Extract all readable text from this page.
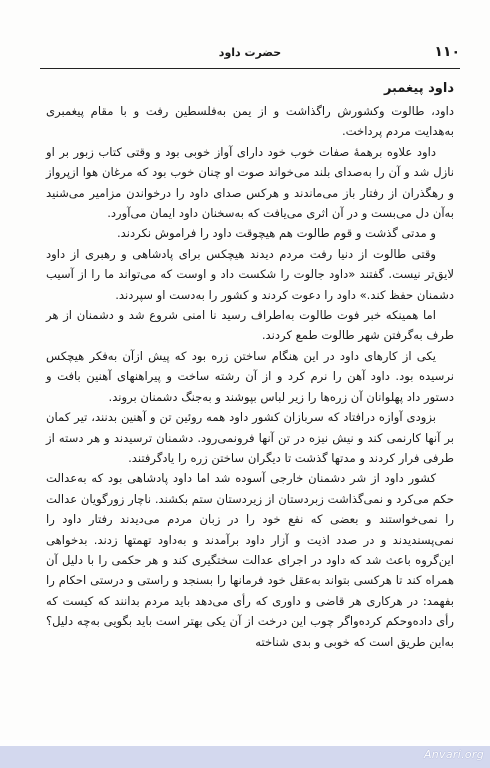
۱۱۰
حضرت داود
داود پیغمبر

داود، طالوت وکشورش راگذاشت و از یمن به‌فلسطین رفت و با مقام پیغمبری به‌هدایت مردم پرداخت.

داود علاوه برهمهٔ صفات خوب خود دارای آواز خوبی بود و وقتی کتاب زبور بر او نازل شد و آن را به‌صدای بلند می‌خواند صوت او چنان خوب بود که مرغان هوا ازپرواز و رهگذران از رفتار باز می‌ماندند و هرکس صدای داود را درخواندن مزامیر می‌شنید به‌آن دل می‌بست و در آن اثری می‌یافت که به‌سخنان داود ایمان می‌آورد.

و مدتی گذشت و قوم طالوت هم هیچوقت داود را فراموش نکردند.

وقتی طالوت از دنیا رفت مردم دیدند هیچکس برای پادشاهی و رهبری از داود لایق‌تر نیست. گفتند «داود جالوت را شکست داد و اوست که می‌تواند ما را از آسیب دشمنان حفظ کند.» داود را دعوت کردند و کشور را به‌دست او سپردند.

اما همینکه خبر فوت طالوت به‌اطراف رسید نا امنی شروع شد و دشمنان از هر طرف به‌گرفتن شهر طالوت طمع کردند.

یکی از کارهای داود در این هنگام ساختن زره بود که پیش ازآن به‌فکر هیچکس نرسیده بود. داود آهن را نرم کرد و از آن رشته ساخت و پیراهنهای آهنین بافت و دستور داد پهلوانان آن زره‌ها را زیر لباس بپوشند و به‌جنگ دشمنان بروند.

بزودی آوازه درافتاد که سربازان کشور داود همه روئین تن و آهنین بدنند، تیر کمان بر آنها کارنمی کند و نیش نیزه در تن آنها فرونمی‌رود. دشمنان ترسیدند و هر دسته از طرفی فرار کردند و مدتها گذشت تا دیگران ساختن زره را یادگرفتند.

کشور داود از شر دشمنان خارجی آسوده شد اما داود پادشاهی بود که به‌عدالت حکم می‌کرد و نمی‌گذاشت زبردستان از زیردستان ستم بکشند. ناچار زورگویان عدالت را نمی‌خواستند و بعضی که نفع خود را در زبان مردم می‌دیدند رفتار داود را نمی‌پسندیدند و در صدد اذیت و آزار داود برآمدند و به‌داود تهمتها زدند. بدخواهی این‌گروه باعث شد که داود در اجرای عدالت سختگیری کند و هر حکمی را با دلیل آن همراه کند تا هرکسی بتواند به‌عقل خود فرمانها را بسنجد و راستی و درستی احکام را بفهمد: در هرکاری هر قاضی و داوری که رأی می‌دهد باید مردم بدانند که کیست که رأی داده‌وحکم کرده‌واگر چوب این درخت از آن یکی بهتر است باید بگویی به‌چه دلیل؟ به‌این طریق است که خوبی و بدی شناخته

Anvari.org
